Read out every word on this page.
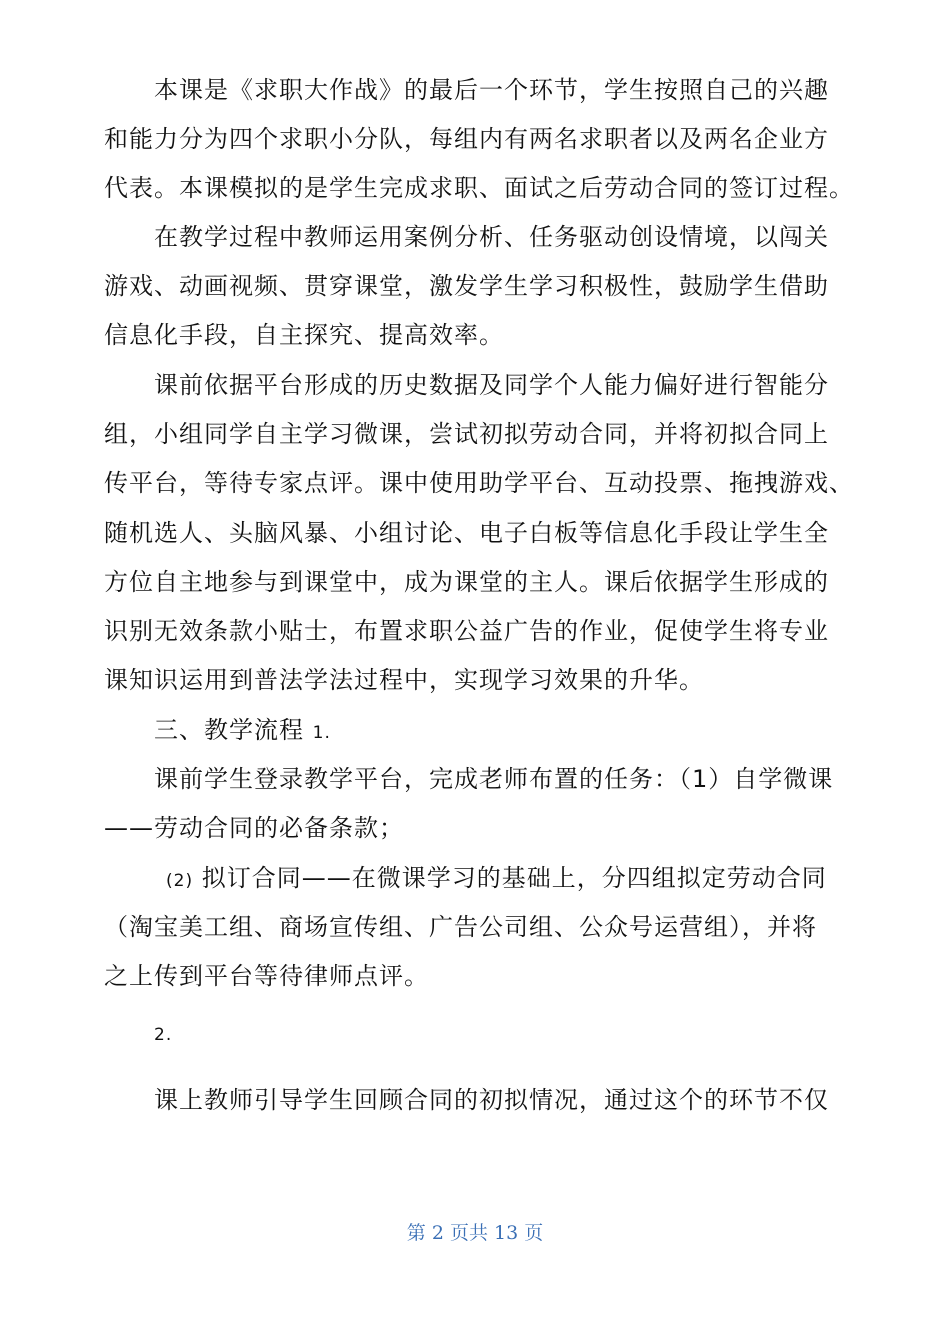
本课是《求职大作战》的最后一个环节，学生按照自己的兴趣
和能力分为四个求职小分队，每组内有两名求职者以及两名企业方
代表。本课模拟的是学生完成求职、面试之后劳动合同的签订过程。
在教学过程中教师运用案例分析、任务驱动创设情境，以闯关
游戏、动画视频、贯穿课堂，激发学生学习积极性，鼓励学生借助
信息化手段，自主探究、提高效率。
课前依据平台形成的历史数据及同学个人能力偏好进行智能分
组，小组同学自主学习微课，尝试初拟劳动合同，并将初拟合同上
传平台，等待专家点评。课中使用助学平台、互动投票、拖拽游戏、
随机选人、头脑风暴、小组讨论、电子白板等信息化手段让学生全
方位自主地参与到课堂中，成为课堂的主人。课后依据学生形成的
识别无效条款小贴士，布置求职公益广告的作业，促使学生将专业
课知识运用到普法学法过程中，实现学习效果的升华。
三、教学流程 1.
课前学生登录教学平台，完成老师布置的任务：（1）自学微课
——劳动合同的必备条款；
(2) 拟订合同——在微课学习的基础上，分四组拟定劳动合同
（淘宝美工组、商场宣传组、广告公司组、公众号运营组），并将
之上传到平台等待律师点评。
2.
课上教师引导学生回顾合同的初拟情况，通过这个的环节不仅
第 2 页共 13 页
